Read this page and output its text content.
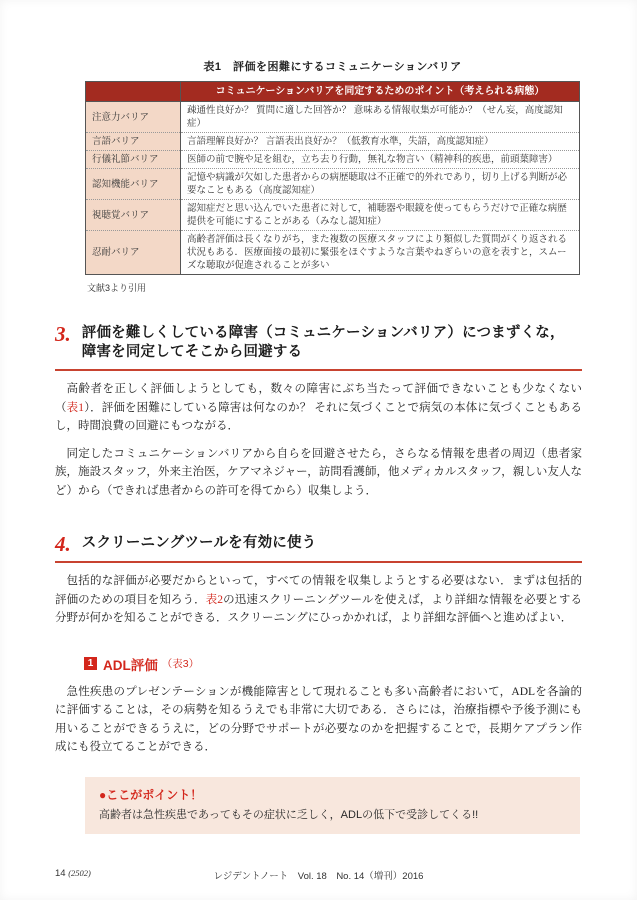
表1　評価を困難にするコミュニケーションバリア
	コミュニケーションバリアを同定するためのポイント（考えられる病態）
注意力バリア	疎通性良好か？ 質問に適した回答か？ 意味ある情報収集が可能か？（せん妄，高度認知症）
言語バリア	言語理解良好か？ 言語表出良好か？（低教育水準，失語，高度認知症）
行儀礼節バリア	医師の前で腕や足を組む，立ち去り行動，無礼な物言い（精神科的疾患，前頭葉障害）
認知機能バリア	記憶や病識が欠如した患者からの病歴聴取は不正確で的外れであり，切り上げる判断が必要なこともある（高度認知症）
視聴覚バリア	認知症だと思い込んでいた患者に対して，補聴器や眼鏡を使ってもらうだけで正確な病歴提供を可能にすることがある（みなし認知症）
忍耐バリア	高齢者評価は長くなりがち，また複数の医療スタッフにより類似した質問がくり返される状況もある．医療面接の最初に緊張をほぐすような言葉やねぎらいの意を表すと，スムーズな聴取が促進されることが多い
文献3より引用
3. 評価を難しくしている障害（コミュニケーションバリア）につまずくな，
障害を同定してそこから回避する

高齢者を正しく評価しようとしても，数々の障害にぶち当たって評価できないことも少なくない（表1）．評価を困難にしている障害は何なのか？ それに気づくことで病気の本体に気づくこともあるし，時間浪費の回避にもつながる．

同定したコミュニケーションバリアから自らを回避させたら，さらなる情報を患者の周辺（患者家族，施設スタッフ，外来主治医，ケアマネジャー，訪問看護師，他メディカルスタッフ，親しい友人など）から（できれば患者からの許可を得てから）収集しよう．

4. スクリーニングツールを有効に使う

包括的な評価が必要だからといって，すべての情報を収集しようとする必要はない．まずは包括的評価のための項目を知ろう．表2の迅速スクリーニングツールを使えば，より詳細な情報を必要とする分野が何かを知ることができる．スクリーニングにひっかかれば，より詳細な評価へと進めばよい．

1 ADL評価 （表3）

急性疾患のプレゼンテーションが機能障害として現れることも多い高齢者において，ADLを各論的に評価することは，その病勢を知るうえでも非常に大切である．さらには，治療指標や予後予測にも用いることができるうえに，どの分野でサポートが必要なのかを把握することで，長期ケアプラン作成にも役立てることができる．

●ここがポイント！

高齢者は急性疾患であってもその症状に乏しく，ADLの低下で受診してくる!!

レジデントノート　Vol. 18　No. 14（増刊）2016
14 (2502)
